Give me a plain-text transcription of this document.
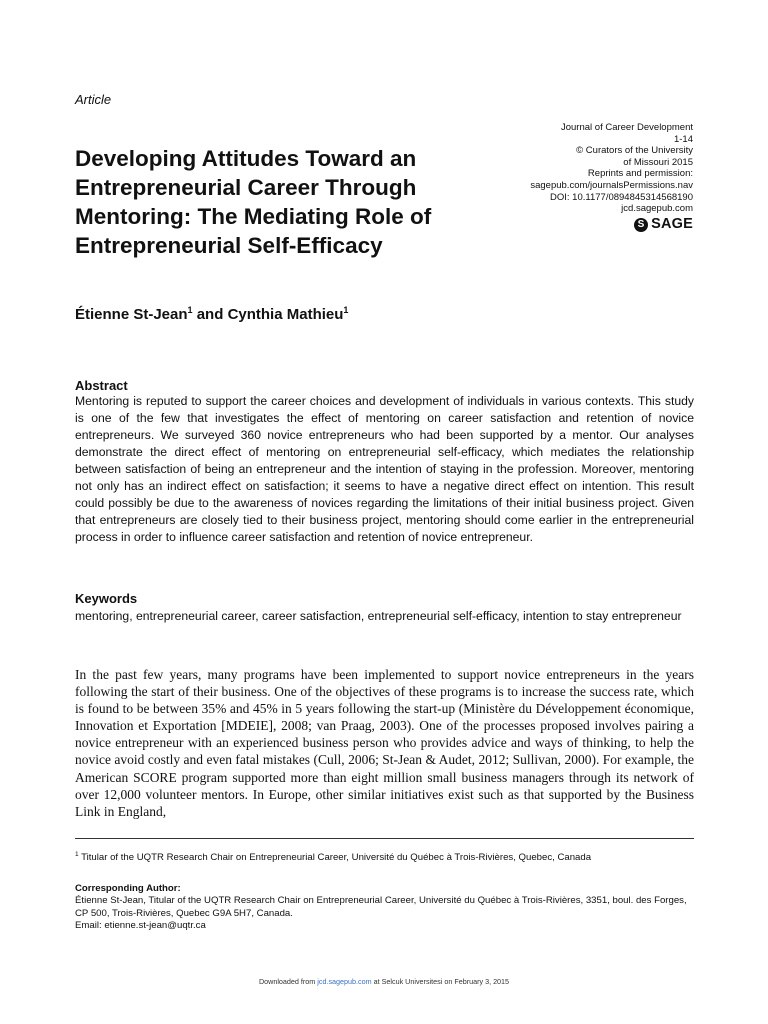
Article
Developing Attitudes Toward an Entrepreneurial Career Through Mentoring: The Mediating Role of Entrepreneurial Self-Efficacy
Journal of Career Development
1-14
© Curators of the University
of Missouri 2015
Reprints and permission:
sagepub.com/journalsPermissions.nav
DOI: 10.1177/0894845314568190
jcd.sagepub.com
S SAGE
Étienne St-Jean$^1$ and Cynthia Mathieu$^1$
Abstract

Mentoring is reputed to support the career choices and development of individuals in various contexts. This study is one of the few that investigates the effect of mentoring on career satisfaction and retention of novice entrepreneurs. We surveyed 360 novice entrepreneurs who had been supported by a mentor. Our analyses demonstrate the direct effect of mentoring on entrepreneurial self-efficacy, which mediates the relationship between satisfaction of being an entrepreneur and the intention of staying in the profession. Moreover, mentoring not only has an indirect effect on satisfaction; it seems to have a negative direct effect on intention. This result could possibly be due to the awareness of novices regarding the limitations of their initial business project. Given that entrepreneurs are closely tied to their business project, mentoring should come earlier in the entrepreneurial process in order to influence career satisfaction and retention of novice entrepreneur.

Keywords

mentoring, entrepreneurial career, career satisfaction, entrepreneurial self-efficacy, intention to stay entrepreneur

In the past few years, many programs have been implemented to support novice entrepreneurs in the years following the start of their business. One of the objectives of these programs is to increase the success rate, which is found to be between 35% and 45% in 5 years following the start-up (Ministère du Développement économique, Innovation et Exportation [MDEIE], 2008; van Praag, 2003). One of the processes proposed involves pairing a novice entrepreneur with an experienced business person who provides advice and ways of thinking, to help the novice avoid costly and even fatal mistakes (Cull, 2006; St-Jean & Audet, 2012; Sullivan, 2000). For example, the American SCORE program supported more than eight million small business managers through its network of over 12,000 volunteer mentors. In Europe, other similar initiatives exist such as that supported by the Business Link in England,

$^1$ Titular of the UQTR Research Chair on Entrepreneurial Career, Université du Québec à Trois-Rivières, Quebec, Canada

Corresponding Author:
Étienne St-Jean, Titular of the UQTR Research Chair on Entrepreneurial Career, Université du Québec à Trois-Rivières, 3351, boul. des Forges, CP 500, Trois-Rivières, Quebec G9A 5H7, Canada.
Email: etienne.st-jean@uqtr.ca
Downloaded from jcd.sagepub.com at Selcuk Universitesi on February 3, 2015
